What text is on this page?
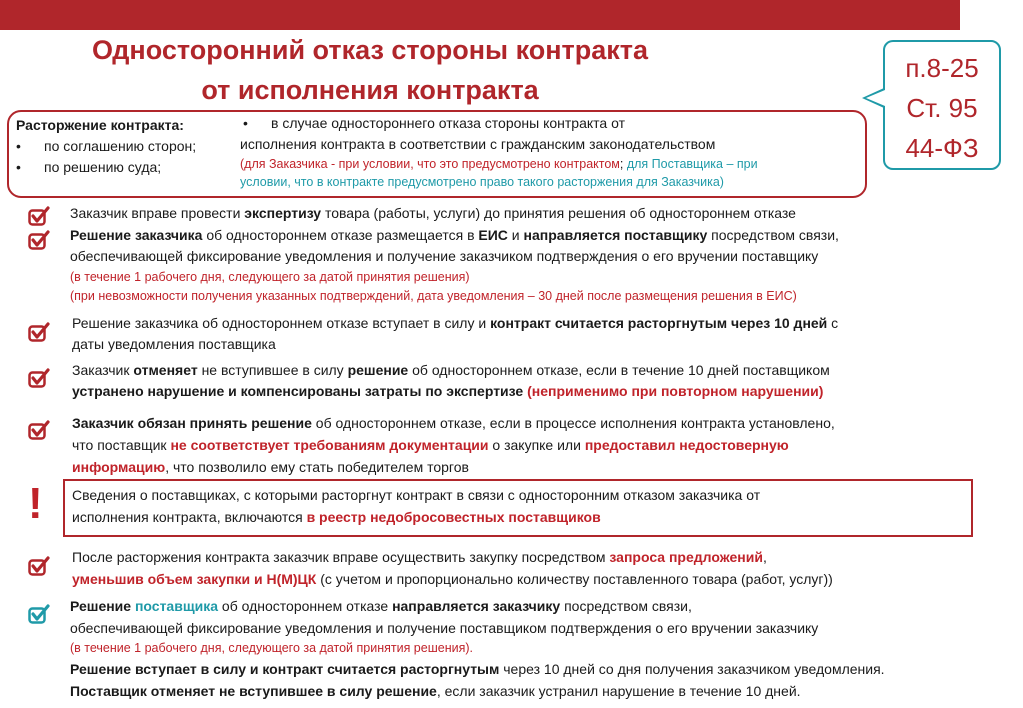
Односторонний отказ стороны контракта
от исполнения контракта
п.8-25
Ст. 95
44-ФЗ
Расторжение контракта:
• по соглашению сторон;
• по решению суда;
• в случае одностороннего отказа стороны контракта от
исполнения контракта в соответствии с гражданским законодательством
(для Заказчика - при условии, что это предусмотрено контрактом; для Поставщика – при
условии, что в контракте предусмотрено право такого расторжения для Заказчика)
Заказчик вправе провести экспертизу товара (работы, услуги) до принятия решения об одностороннем отказе
Решение заказчика об одностороннем отказе размещается в ЕИС и направляется поставщику посредством связи,
обеспечивающей фиксирование уведомления и получение заказчиком подтверждения о его вручении поставщику
(в течение 1 рабочего дня, следующего за датой принятия решения)
(при невозможности получения указанных подтверждений, дата уведомления – 30 дней после размещения решения в ЕИС)
Решение заказчика об одностороннем отказе вступает в силу и контракт считается расторгнутым через 10 дней с
даты уведомления поставщика
Заказчик отменяет не вступившее в силу решение об одностороннем отказе, если в течение 10 дней поставщиком
устранено нарушение и компенсированы затраты по экспертизе (неприменимо при повторном нарушении)
Заказчик обязан принять решение об одностороннем отказе, если в процессе исполнения контракта установлено,
что поставщик не соответствует требованиям документации о закупке или предоставил недостоверную
информацию, что позволило ему стать победителем торгов
! Сведения о поставщиках, с которыми расторгнут контракт в связи с односторонним отказом заказчика от
исполнения контракта, включаются в реестр недобросовестных поставщиков
После расторжения контракта заказчик вправе осуществить закупку посредством запроса предложений,
уменьшив объем закупки и Н(М)ЦК (с учетом и пропорционально количеству поставленного товара (работ, услуг))
Решение поставщика об одностороннем отказе направляется заказчику посредством связи,
обеспечивающей фиксирование уведомления и получение поставщиком подтверждения о его вручении заказчику
(в течение 1 рабочего дня, следующего за датой принятия решения).
Решение вступает в силу и контракт считается расторгнутым через 10 дней со дня получения заказчиком уведомления.
Поставщик отменяет не вступившее в силу решение, если заказчик устранил нарушение в течение 10 дней.
